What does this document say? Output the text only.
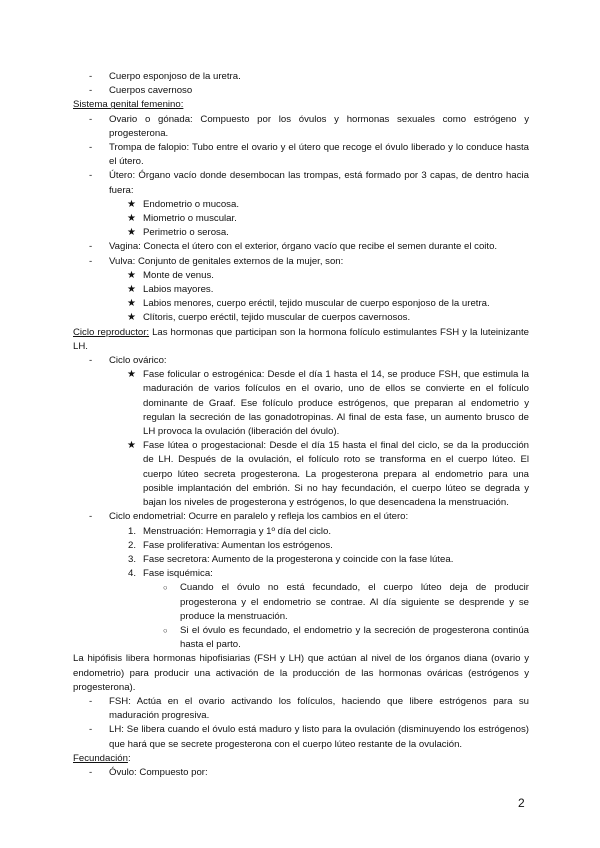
- Cuerpo esponjoso de la uretra.
- Cuerpos cavernoso
Sistema genital femenino:
- Ovario o gónada: Compuesto por los óvulos y hormonas sexuales como estrógeno y progesterona.
- Trompa de falopio: Tubo entre el ovario y el útero que recoge el óvulo liberado y lo conduce hasta el útero.
- Útero: Órgano vacío donde desembocan las trompas, está formado por 3 capas, de dentro hacia fuera:
★ Endometrio o mucosa.
★ Miometrio o muscular.
★ Perimetrio o serosa.
- Vagina: Conecta el útero con el exterior, órgano vacío que recibe el semen durante el coito.
- Vulva: Conjunto de genitales externos de la mujer, son:
★ Monte de venus.
★ Labios mayores.
★ Labios menores, cuerpo eréctil, tejido muscular de cuerpo esponjoso de la uretra.
★ Clítoris, cuerpo eréctil, tejido muscular de cuerpos cavernosos.
Ciclo reproductor: Las hormonas que participan son la hormona folículo estimulantes FSH y la luteinizante LH.
- Ciclo ovárico:
★ Fase folicular o estrogénica: Desde el día 1 hasta el 14, se produce FSH, que estimula la maduración de varios folículos en el ovario, uno de ellos se convierte en el folículo dominante de Graaf. Ese folículo produce estrógenos, que preparan al endometrio y regulan la secreción de las gonadotropinas. Al final de esta fase, un aumento brusco de LH provoca la ovulación (liberación del óvulo).
★ Fase lútea o progestacional: Desde el día 15 hasta el final del ciclo, se da la producción de LH. Después de la ovulación, el folículo roto se transforma en el cuerpo lúteo. El cuerpo lúteo secreta progesterona. La progesterona prepara al endometrio para una posible implantación del embrión. Si no hay fecundación, el cuerpo lúteo se degrada y bajan los niveles de progesterona y estrógenos, lo que desencadena la menstruación.
- Ciclo endometrial: Ocurre en paralelo y refleja los cambios en el útero:
1. Menstruación: Hemorragia y 1º día del ciclo.
2. Fase proliferativa: Aumentan los estrógenos.
3. Fase secretora: Aumento de la progesterona y coincide con la fase lútea.
4. Fase isquémica:
○ Cuando el óvulo no está fecundado, el cuerpo lúteo deja de producir progesterona y el endometrio se contrae. Al día siguiente se desprende y se produce la menstruación.
○ Si el óvulo es fecundado, el endometrio y la secreción de progesterona continúa hasta el parto.
La hipófisis libera hormonas hipofisiarias (FSH y LH) que actúan al nivel de los órganos diana (ovario y endometrio) para producir una activación de la producción de las hormonas ováricas (estrógenos y progesterona).
- FSH: Actúa en el ovario activando los folículos, haciendo que libere estrógenos para su maduración progresiva.
- LH: Se libera cuando el óvulo está maduro y listo para la ovulación (disminuyendo los estrógenos) que hará que se secrete progesterona con el cuerpo lúteo restante de la ovulación.
Fecundación:
- Óvulo: Compuesto por:
2
